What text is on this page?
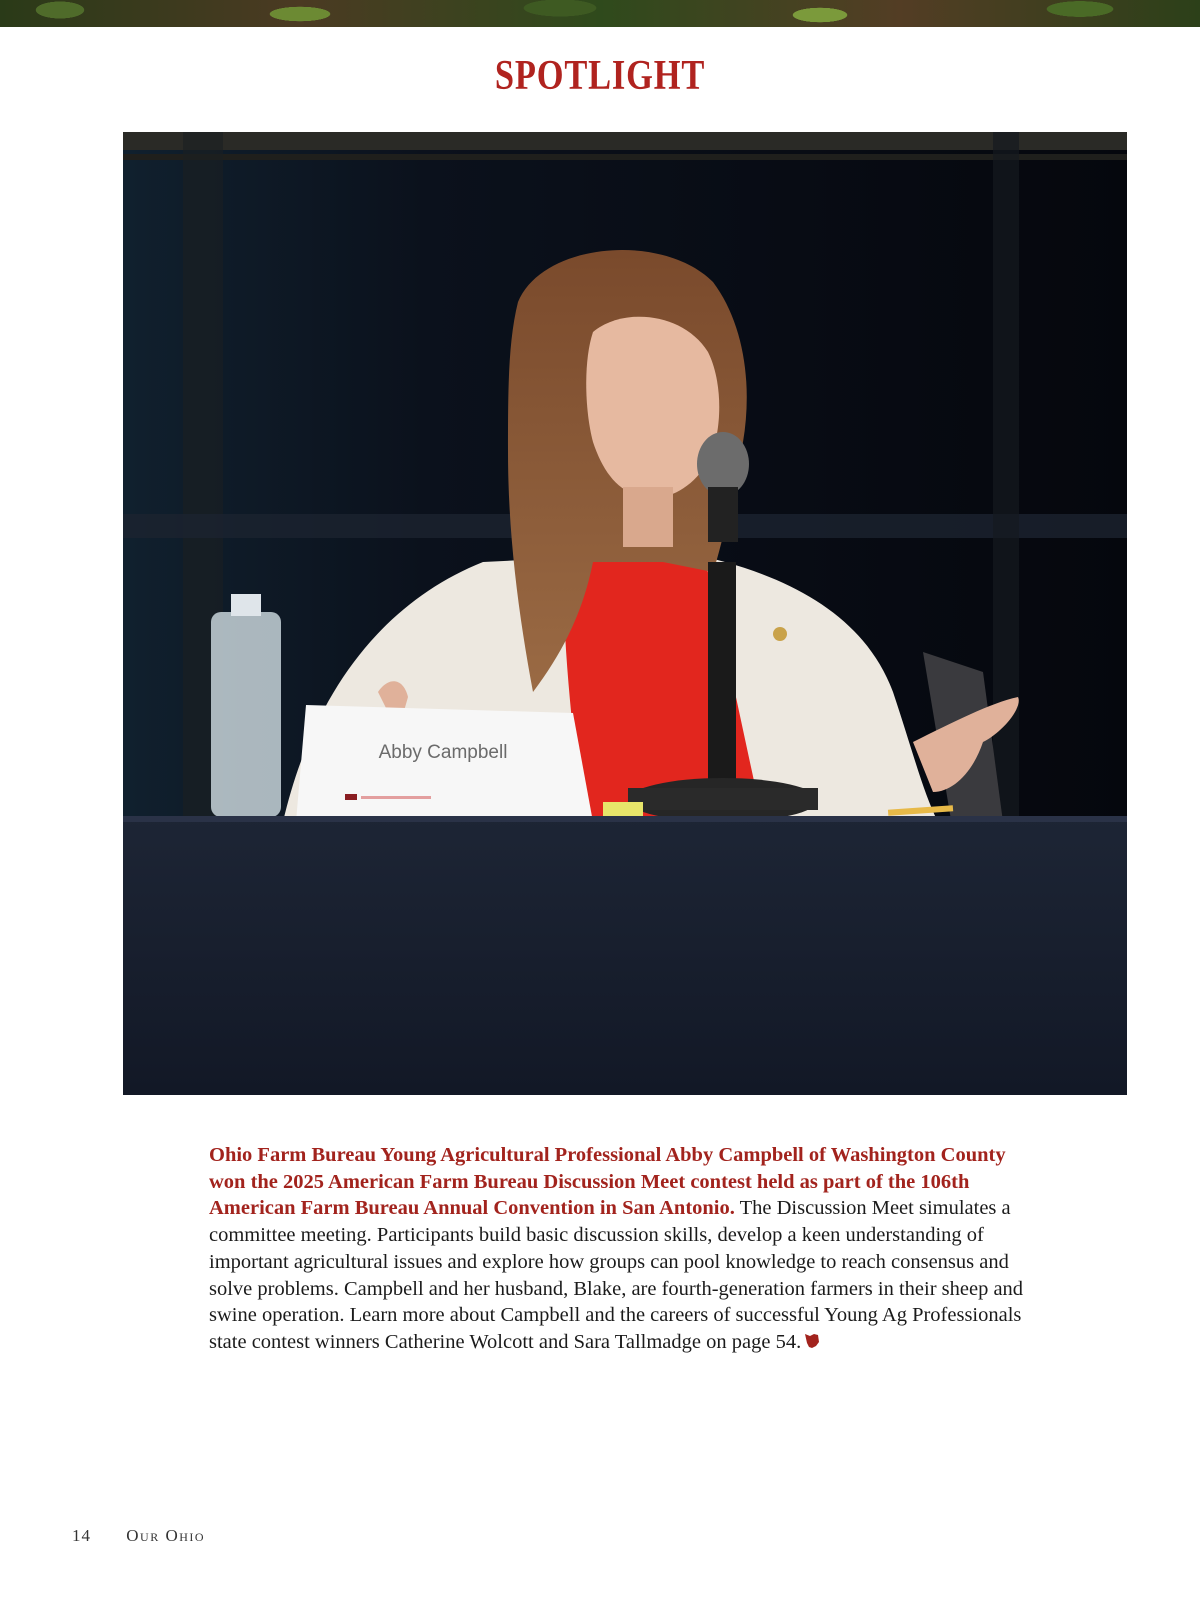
SPOTLIGHT
Abby Campbell
Ohio Farm Bureau Young Agricultural Professional Abby Campbell of Washington County won the 2025 American Farm Bureau Discussion Meet contest held as part of the 106th American Farm Bureau Annual Convention in San Antonio. The Discussion Meet simulates a committee meeting. Participants build basic discussion skills, develop a keen understanding of important agricultural issues and explore how groups can pool knowledge to reach consensus and solve problems. Campbell and her husband, Blake, are fourth-generation farmers in their sheep and swine operation. Learn more about Campbell and the careers of successful Young Ag Professionals state contest winners Catherine Wolcott and Sara Tallmadge on page 54.
14 Our Ohio
